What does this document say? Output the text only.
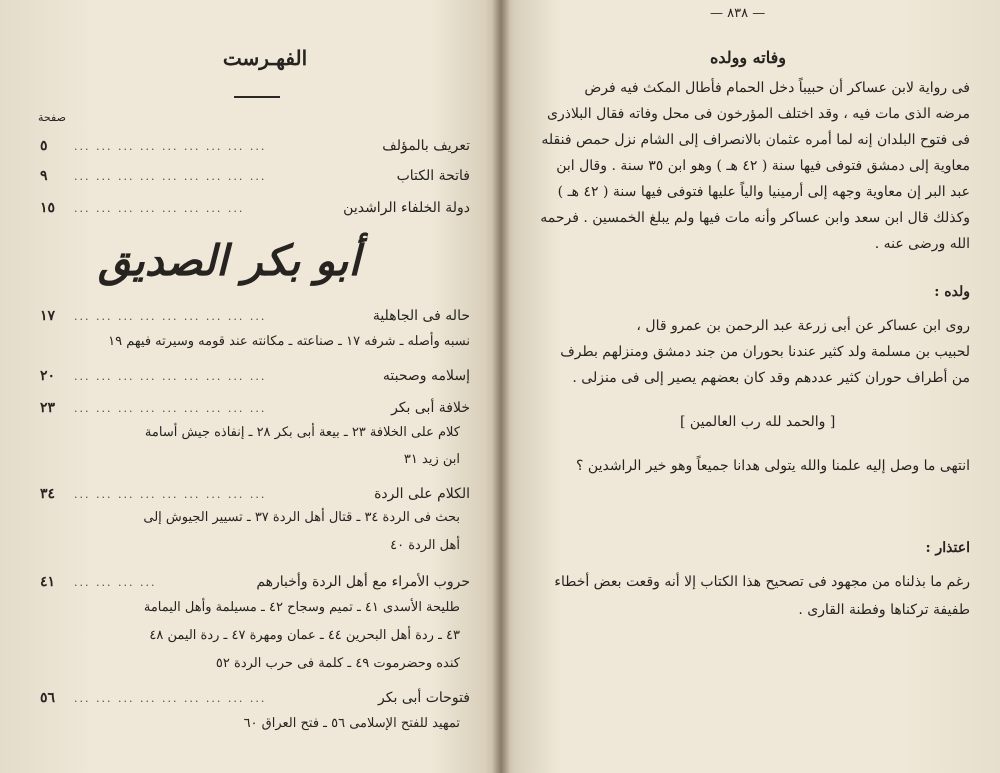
الفهـرست
صفحة
تعريف بالمؤلف
... ... ... ... ... ... ... ... ...
٥
فاتحة الكتاب
... ... ... ... ... ... ... ... ...
٩
دولة الخلفاء الراشدين
... ... ... ... ... ... ... ...
١٥
أبو بكر الصديق
حاله فى الجاهلية
... ... ... ... ... ... ... ... ...
١٧
نسبه وأصله ـ شرفه ١٧ ـ صناعته ـ مكانته عند قومه وسيرته فيهم ١٩
إسلامه وصحبته
... ... ... ... ... ... ... ... ...
٢٠
خلافة أبى بكر
... ... ... ... ... ... ... ... ...
٢٣
كلام على الخلافة ٢٣ ـ بيعة أبى بكر ٢٨ ـ إنفاذه جيش أسامة
ابن زيد ٣١
الكلام على الردة
... ... ... ... ... ... ... ... ...
٣٤
بحث فى الردة ٣٤ ـ قتال أهل الردة ٣٧ ـ تسيير الجيوش إلى
أهل الردة ٤٠
حروب الأمراء مع أهل الردة وأخبارهم
... ... ... ...
٤١
طليحة الأسدى ٤١ ـ تميم وسجاح ٤٢ ـ مسيلمة وأهل اليمامة
٤٣ ـ ردة أهل البحرين ٤٤ ـ عمان ومهرة ٤٧ ـ ردة اليمن ٤٨
كنده وحضرموت ٤٩ ـ كلمة فى حرب الردة ٥٢
فتوحات أبى بكر
... ... ... ... ... ... ... ... ...
٥٦
تمهيد للفتح الإسلامى ٥٦ ـ فتح العراق ٦٠
— ٨٣٨ —
وفاته وولده
فى رواية لابن عساكر أن حبيباً دخل الحمام فأطال المكث فيه فرض
مرضه الذى مات فيه ، وقد اختلف المؤرخون فى محل وفاته فقال البلاذرى
فى فتوح البلدان إنه لما أمره عثمان بالانصراف إلى الشام نزل حمص فنقله
معاوية إلى دمشق فتوفى فيها سنة ( ٤٢ هـ ) وهو ابن ٣٥ سنة . وقال ابن
عبد البر إن معاوية وجهه إلى أرمينيا والياً عليها فتوفى فيها سنة ( ٤٢ هـ )
وكذلك قال ابن سعد وابن عساكر وأنه مات فيها ولم يبلغ الخمسين . فرحمه
الله ورضى عنه .
ولده :
روى ابن عساكر عن أبى زرعة عبد الرحمن بن عمرو قال ،
لحبيب بن مسلمة ولد كثير عندنا بحوران من جند دمشق ومنزلهم بطرف
من أطراف حوران كثير عددهم وقد كان بعضهم يصير إلى فى منزلى .
[ والحمد لله رب العالمين ]
انتهى ما وصل إليه علمنا والله يتولى هدانا جميعاً وهو خير الراشدين ؟
اعتذار :
رغم ما بذلناه من مجهود فى تصحيح هذا الكتاب إلا أنه وقعت بعض أخطاء
طفيفة تركناها وفطنة القارى .
